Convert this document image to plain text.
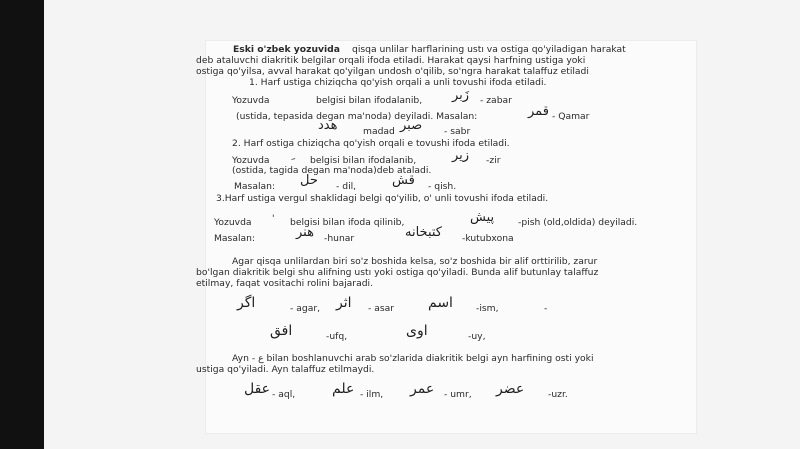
Eski o'zbek yozuvida qisqa unlilar harflarining ustı va ostiga qo'yiladigan harakat
deb ataluvchi diakritik belgilar orqali ifoda etiladi. Harakat qaysi harfning ustiga yoki
ostiga qo'yilsa, avval harakat qo'yilgan undosh o'qilib, so'ngra harakat talaffuz etiladi
1. Harf ustiga chiziqcha qo'yish orqali a unli tovushi ifoda etiladi.
Yozuvda	belgisi bilan ifodalanib, زَبر - zabar
(ustida, tepasida degan ma'noda) deyiladi. Masalan:	قمر - Qamar
هدد	madad صبر - sabr
2. Harf ostiga chiziqcha qo'yish orqali e tovushi ifoda etiladi.
Yozuvda	belgisi bilan ifodalanib,	زير -zir
(ostida, tagida degan ma'noda)deb ataladi.
Masalan: حل - dil,	قش - qish.
3.Harf ustiga vergul shaklidagi belgi qo'yilib, o' unli tovushi ifoda etiladi.
Yozuvda ' belgisi bilan ifoda qilinib,	پيش	-pish (old,oldida) deyiladi.
Masalan:	هنر -hunar	كتبخانه -kutubxona
Agar qisqa unlilardan biri so'z boshida kelsa, so'z boshida bir alif orttirilib, zarur
bo'lgan diakritik belgi shu alifning ustı yoki ostiga qo'yiladi. Bunda alif butunlay talaffuz
etilmay, faqat vositachi rolini bajaradi.
اگر	- agar, اثر - asar اسم	-ism,	-
افق	-ufq,	اوی	-uy,
Ayn - ع bilan boshlanuvchi arab so'zlarida diakritik belgi ayn harfining osti yoki
ustiga qo'yiladi. Ayn talaffuz etilmaydi.
عقل - aql,	علم - ilm, عمر - umr, عضر	-uzr.
